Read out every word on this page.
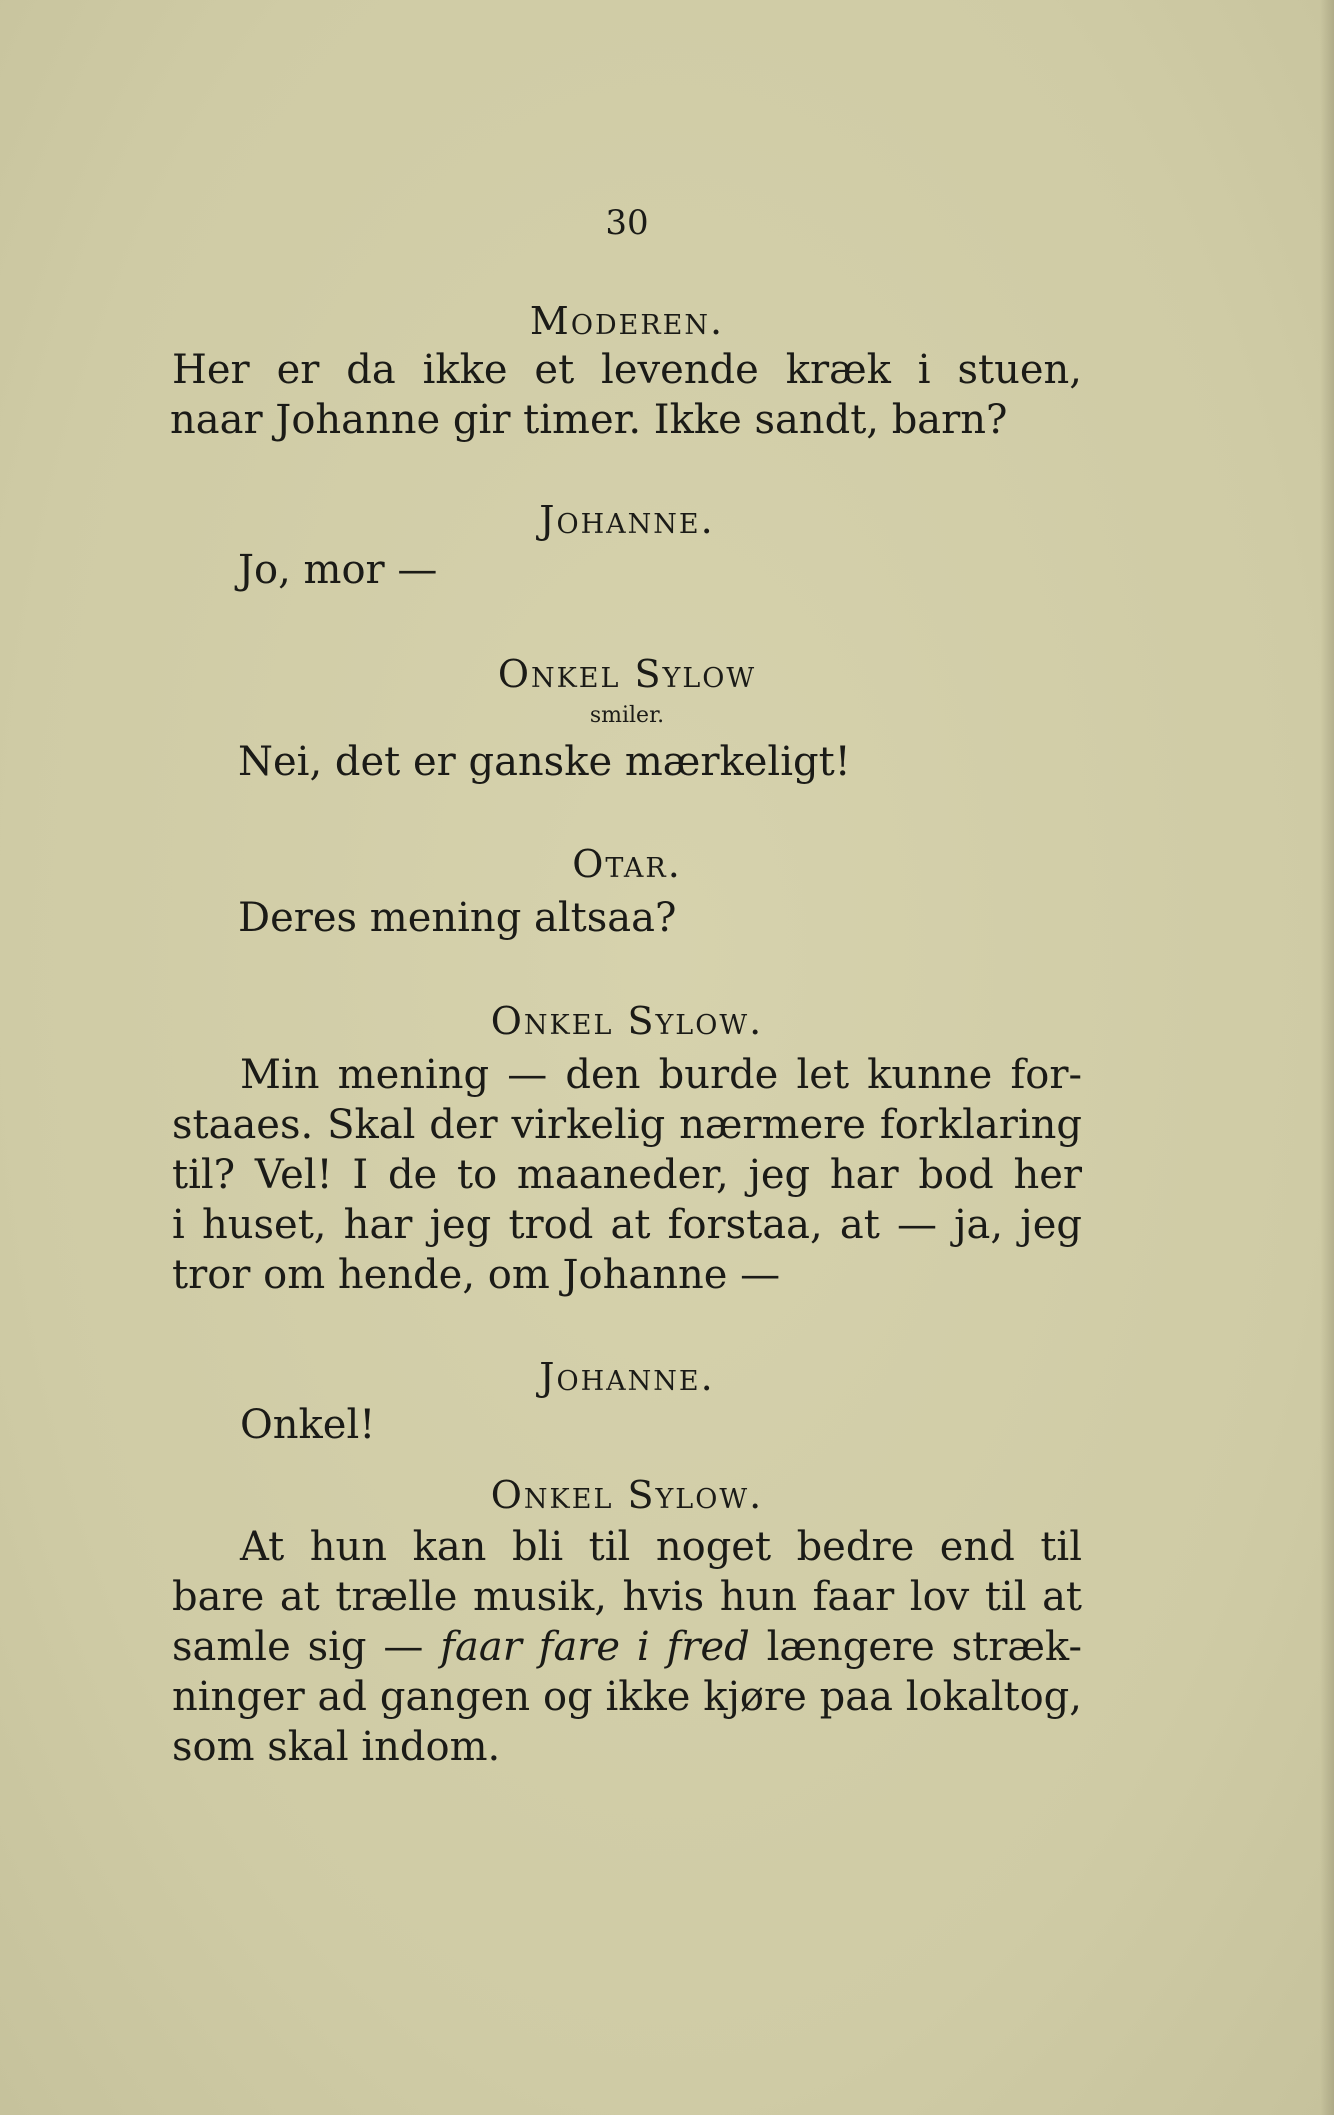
30
Moderen.
Her er da ikke et levende kræk i stuen,
naar Johanne gir timer. Ikke sandt, barn?
Johanne.
Jo, mor —
Onkel Sylow
smiler.
Nei, det er ganske mærkeligt!
Otar.
Deres mening altsaa?
Onkel Sylow.
Min mening — den burde let kunne for-
staaes. Skal der virkelig nærmere forklaring
til? Vel! I de to maaneder, jeg har bod her
i huset, har jeg trod at forstaa, at — ja, jeg
tror om hende, om Johanne —
Johanne.
Onkel!
Onkel Sylow.
At hun kan bli til noget bedre end til
bare at trælle musik, hvis hun faar lov til at
samle sig — faar fare i fred længere stræk-
ninger ad gangen og ikke kjøre paa lokaltog,
som skal indom.
